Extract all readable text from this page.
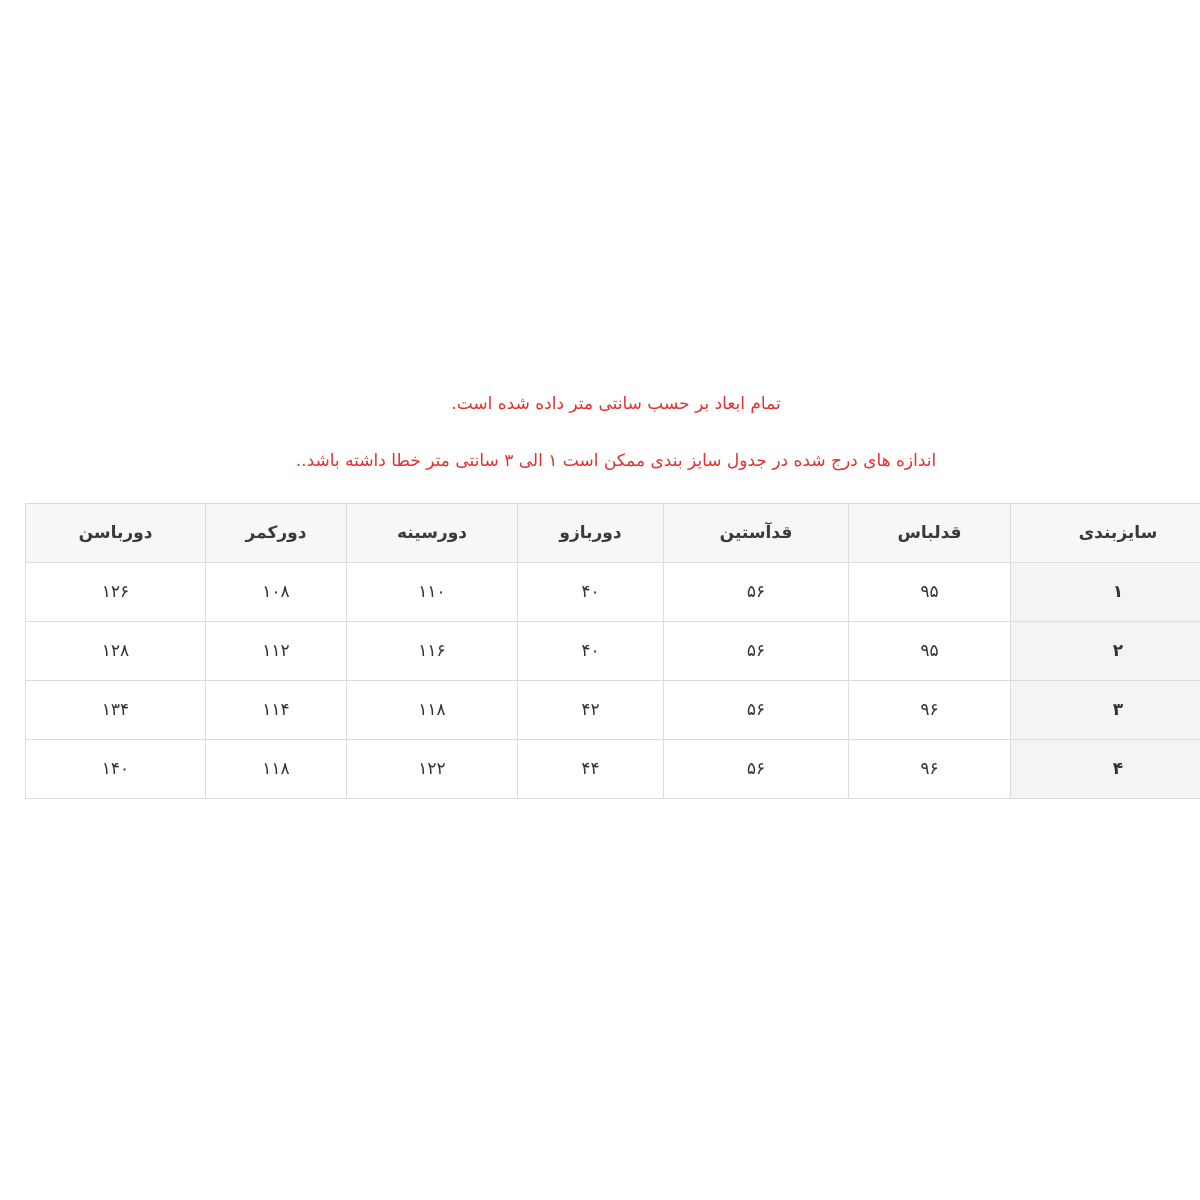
تمام ابعاد بر حسب سانتی متر داده شده است.
اندازه های درج شده در جدول سایز بندی ممکن است ۱ الی ۳ سانتی متر خطا داشته باشد..
سایزبندی	قدلباس	قدآستین	دوربازو	دورسینه	دورکمر	دورباسن
۱	۹۵	۵۶	۴۰	۱۱۰	۱۰۸	۱۲۶
۲	۹۵	۵۶	۴۰	۱۱۶	۱۱۲	۱۲۸
۳	۹۶	۵۶	۴۲	۱۱۸	۱۱۴	۱۳۴
۴	۹۶	۵۶	۴۴	۱۲۲	۱۱۸	۱۴۰
